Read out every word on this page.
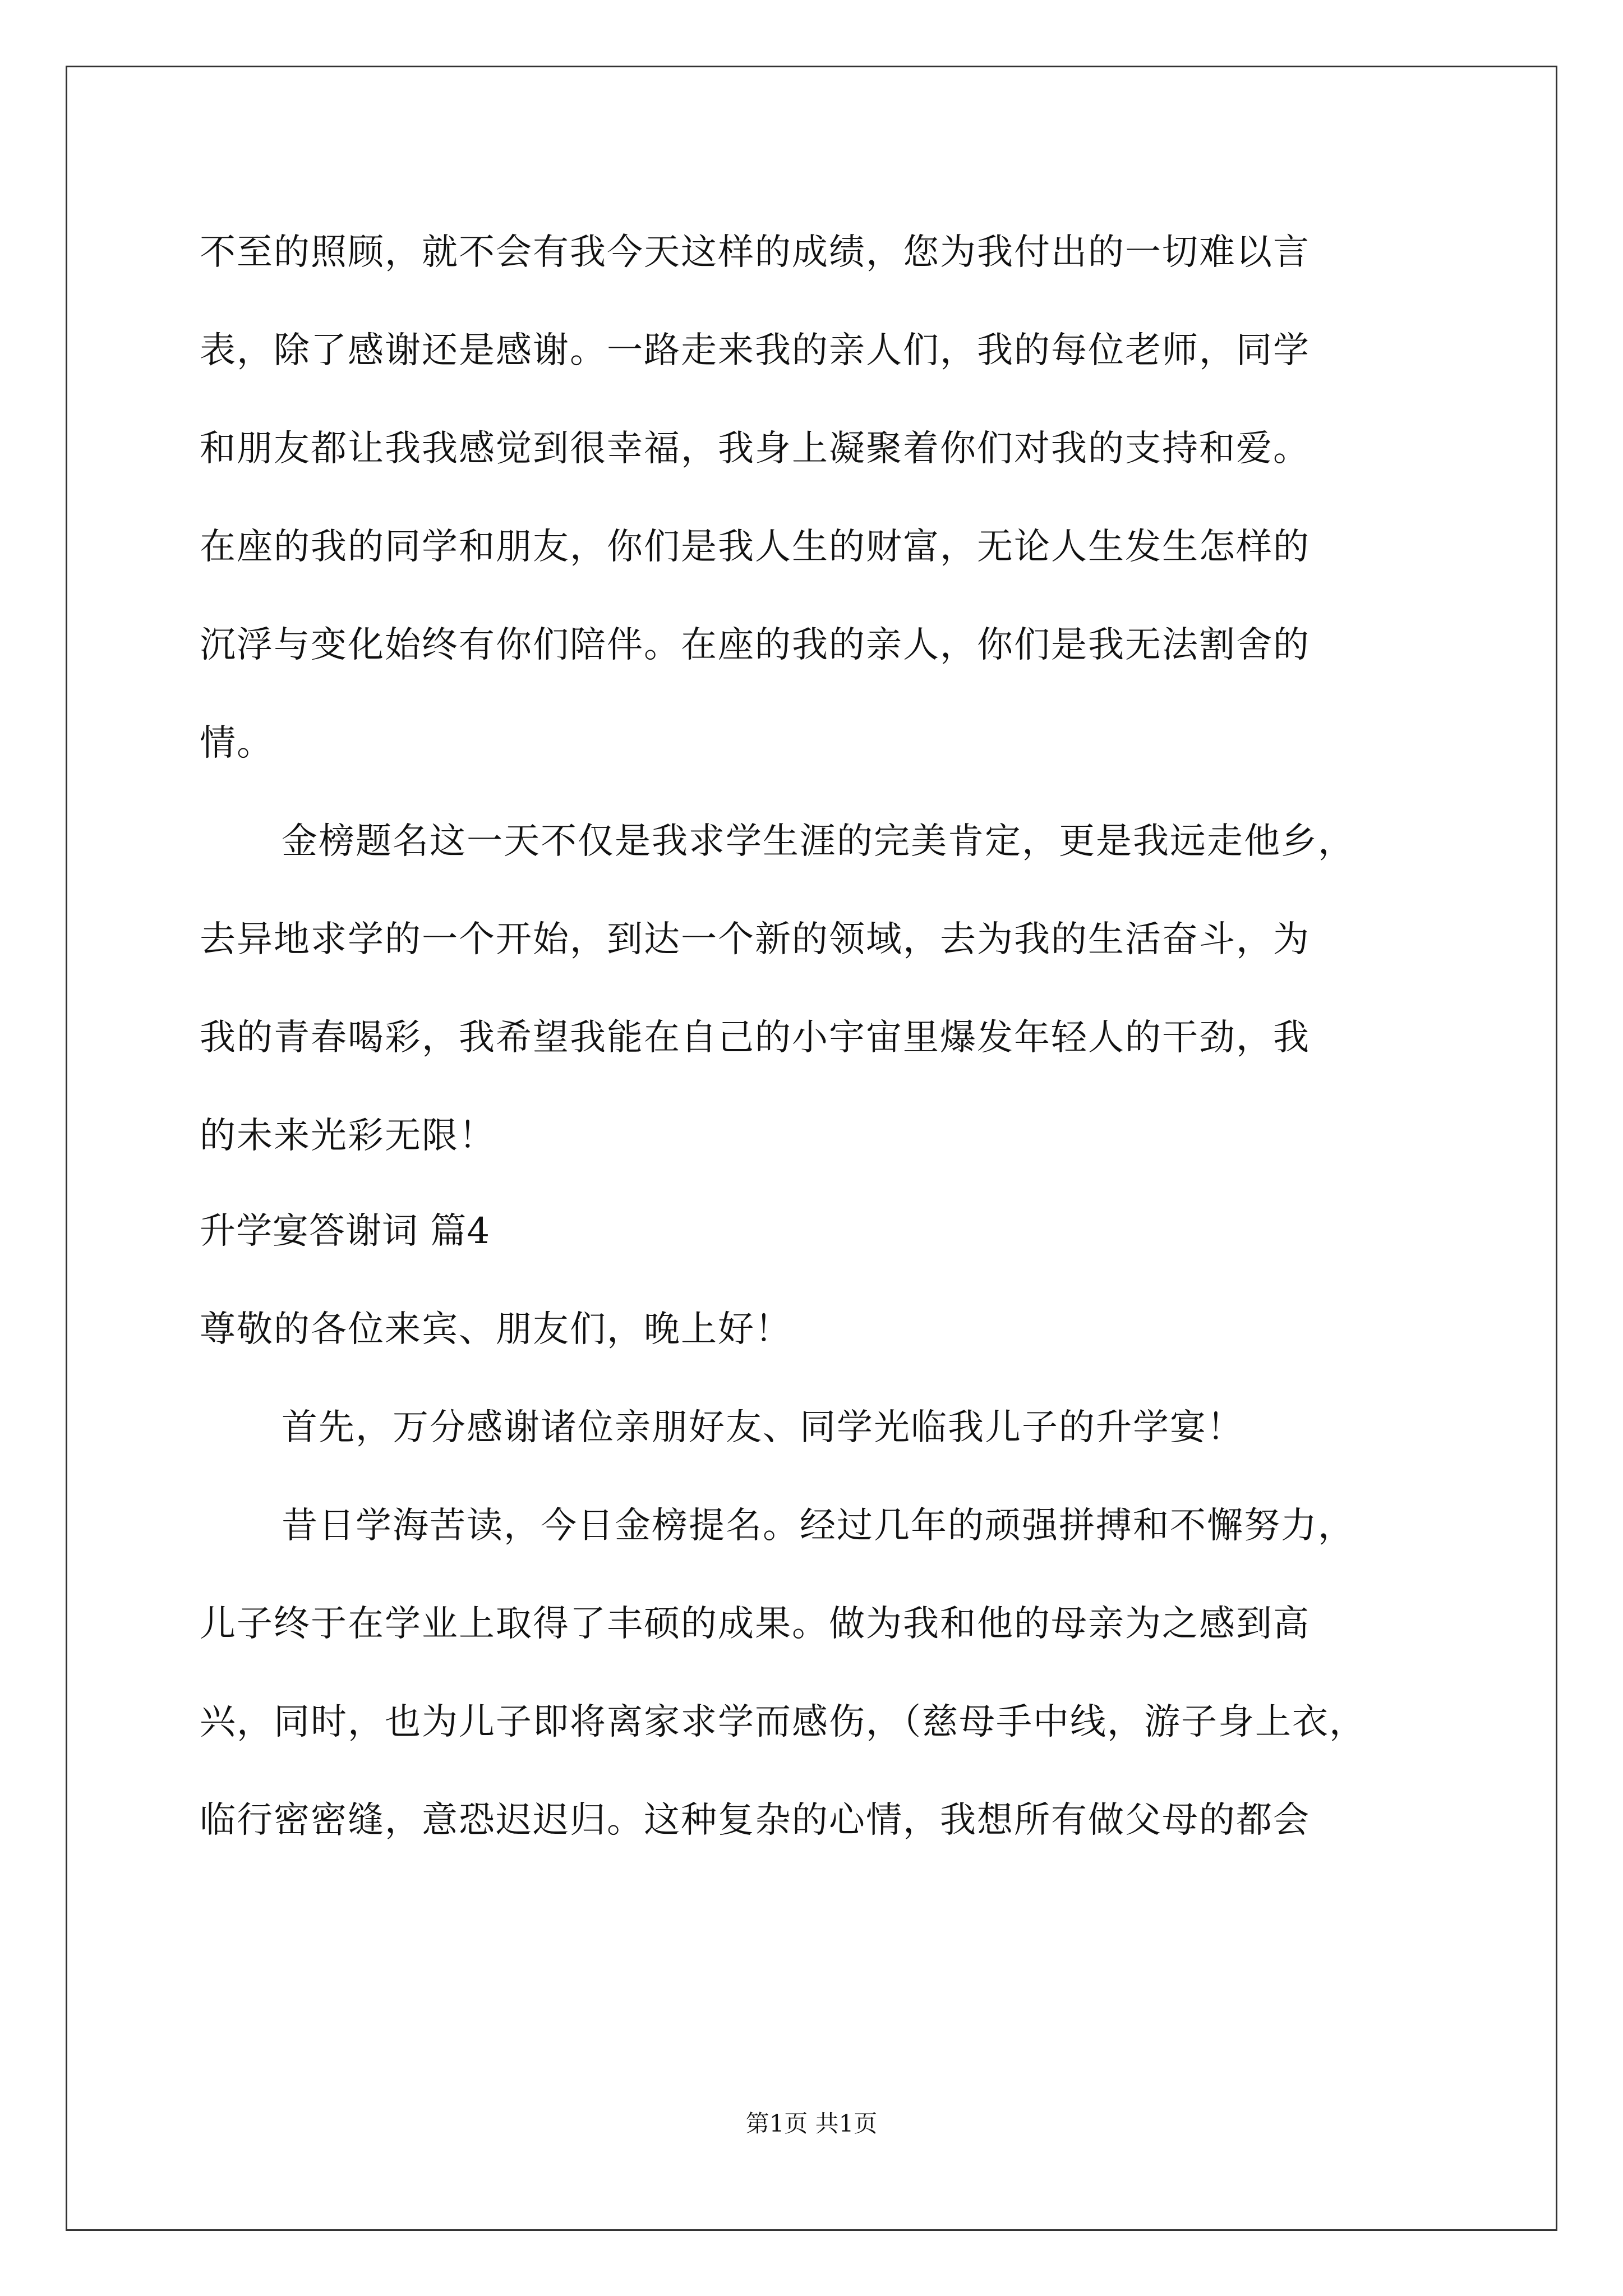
不至的照顾，就不会有我今天这样的成绩，您为我付出的一切难以言
表，除了感谢还是感谢。一路走来我的亲人们，我的每位老师，同学
和朋友都让我我感觉到很幸福，我身上凝聚着你们对我的支持和爱。
在座的我的同学和朋友，你们是我人生的财富，无论人生发生怎样的
沉浮与变化始终有你们陪伴。在座的我的亲人，你们是我无法割舍的
情。
金榜题名这一天不仅是我求学生涯的完美肯定，更是我远走他乡，
去异地求学的一个开始，到达一个新的领域，去为我的生活奋斗，为
我的青春喝彩，我希望我能在自己的小宇宙里爆发年轻人的干劲，我
的未来光彩无限！
升学宴答谢词 篇4
尊敬的各位来宾、朋友们，晚上好！
首先，万分感谢诸位亲朋好友、同学光临我儿子的升学宴！
昔日学海苦读，今日金榜提名。经过几年的顽强拼搏和不懈努力，
儿子终于在学业上取得了丰硕的成果。做为我和他的母亲为之感到高
兴，同时，也为儿子即将离家求学而感伤，（慈母手中线，游子身上衣，
临行密密缝，意恐迟迟归。这种复杂的心情，我想所有做父母的都会
第1页 共1页
